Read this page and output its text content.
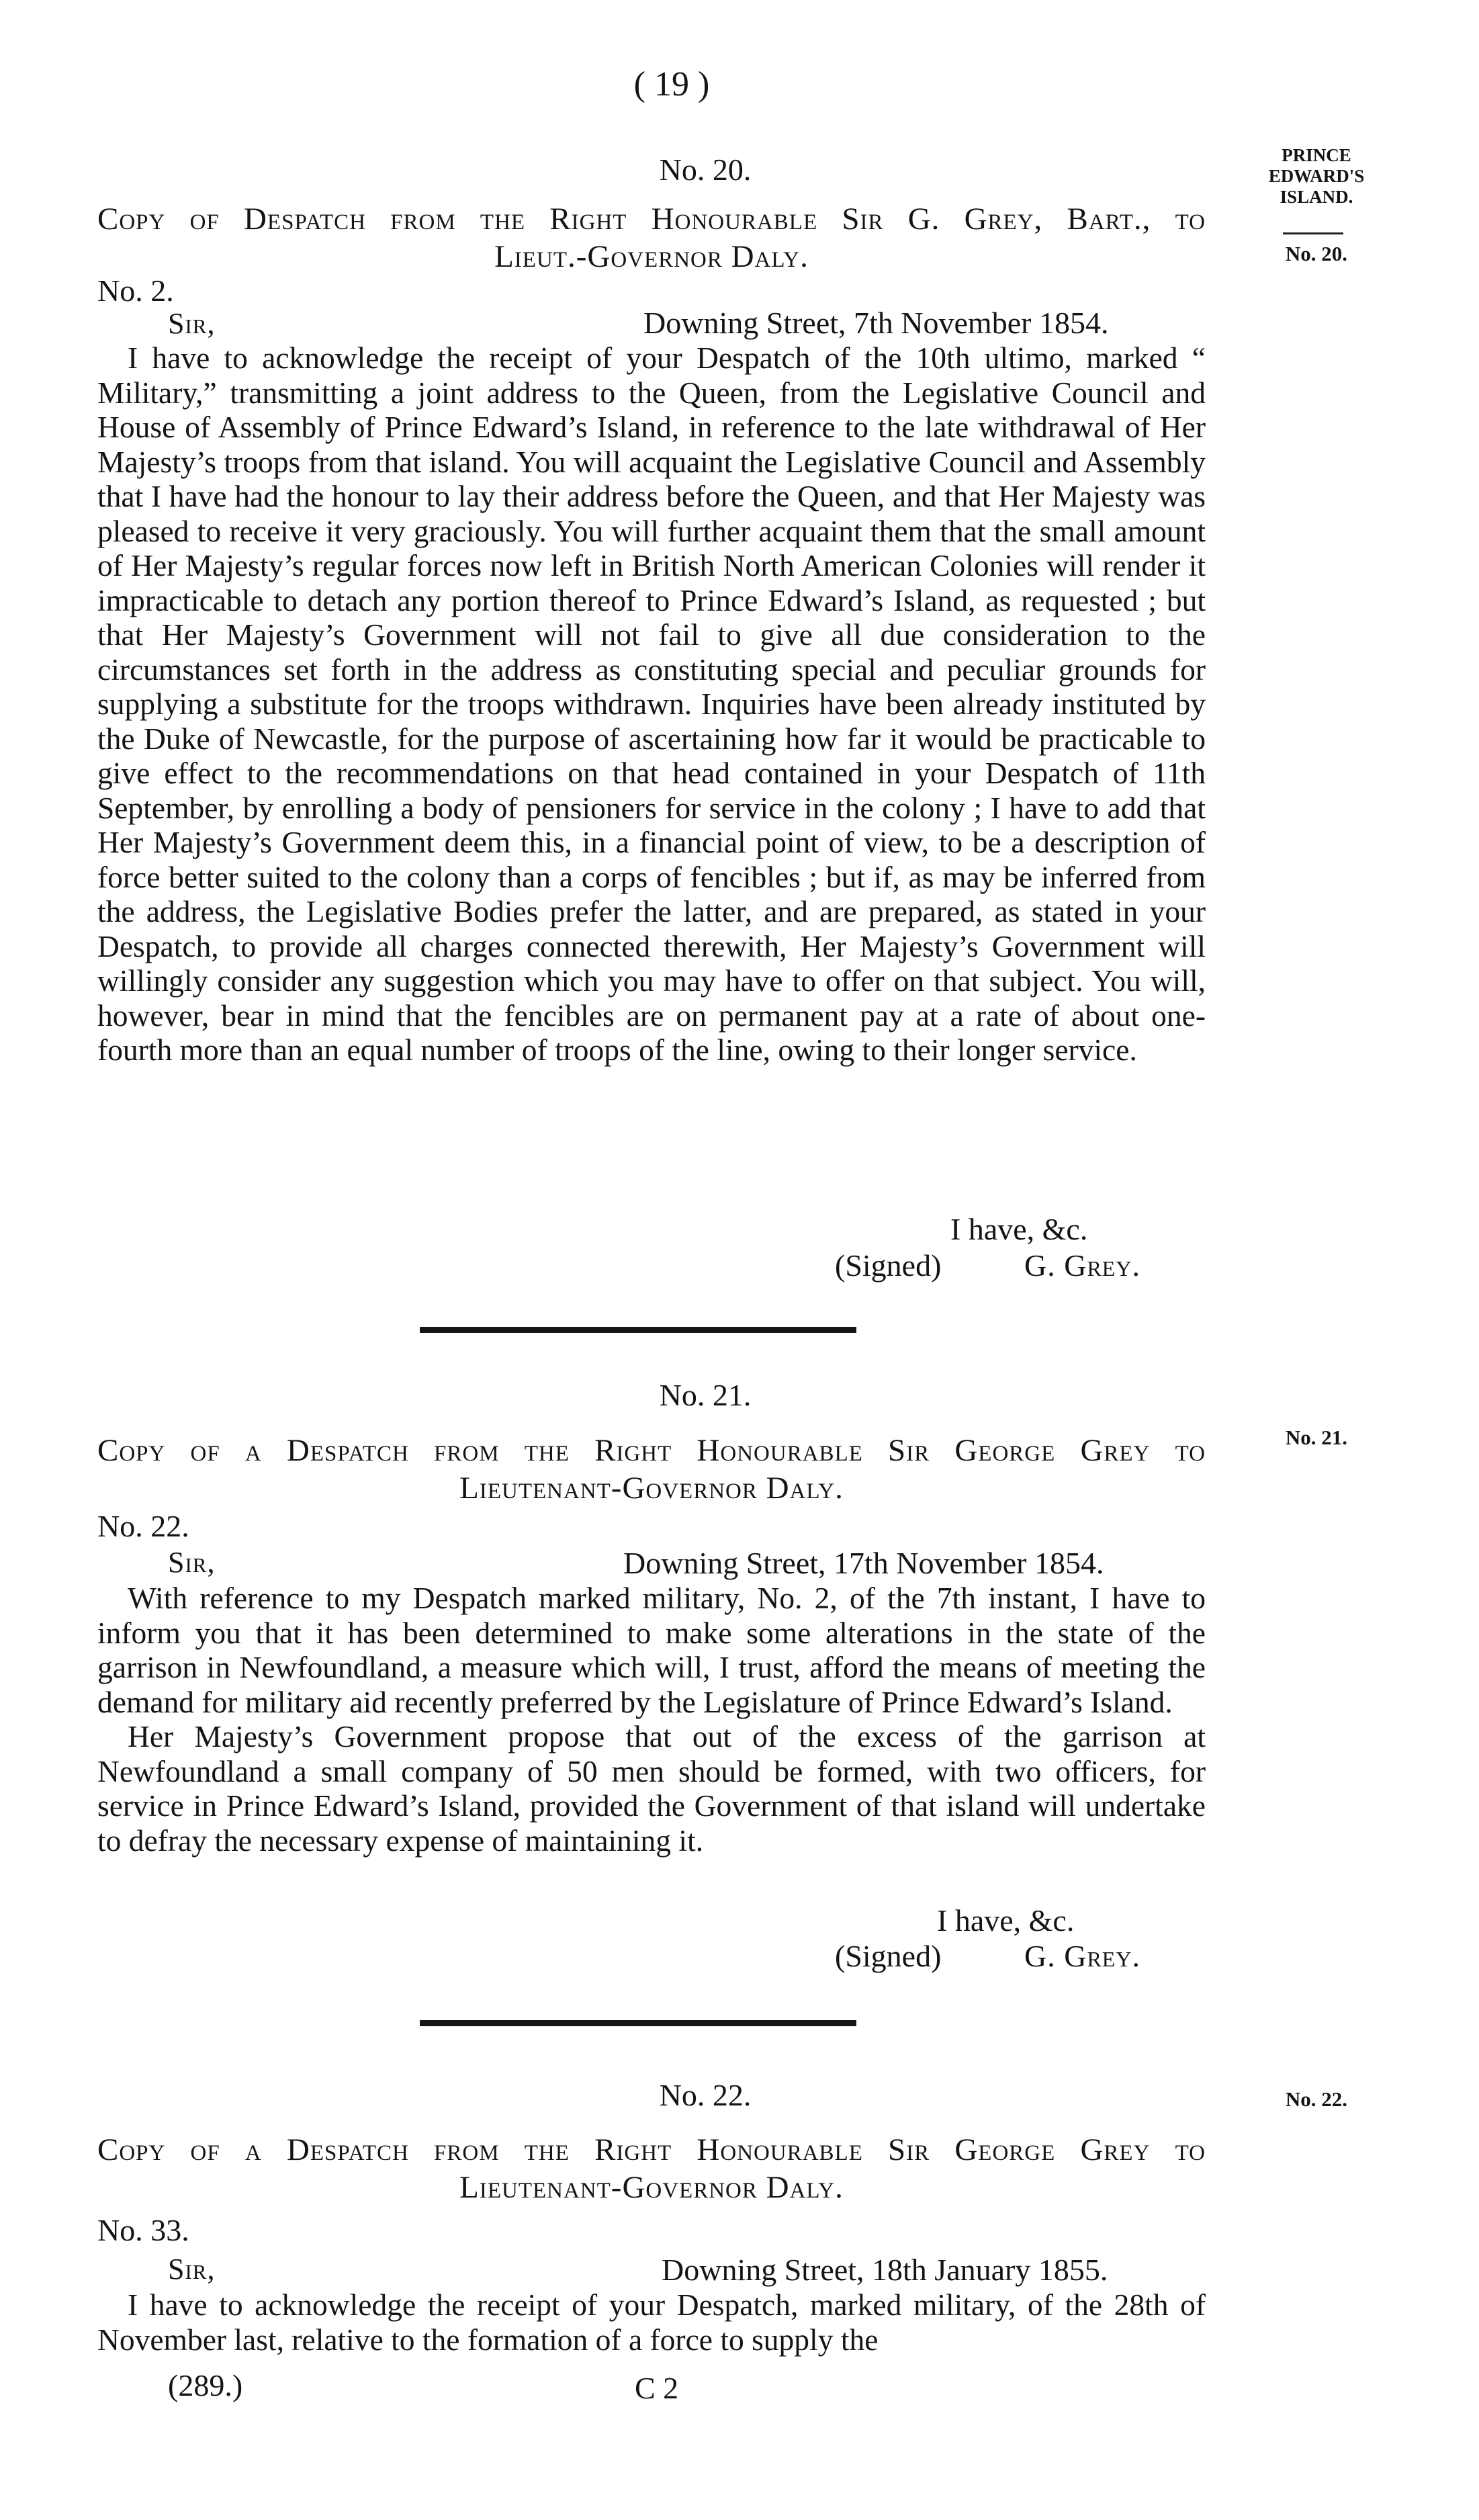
( 19 )
PRINCE EDWARD'S ISLAND.
No. 20.
No. 20.
Copy of Despatch from the Right Honourable Sir G. Grey, Bart., to
Lieut.-Governor Daly.
No. 2.
Sir,	Downing Street, 7th November 1854.

I have to acknowledge the receipt of your Despatch of the 10th ultimo, marked “ Military,” transmitting a joint address to the Queen, from the Legislative Council and House of Assembly of Prince Edward’s Island, in reference to the late withdrawal of Her Majesty’s troops from that island. You will acquaint the Legislative Council and Assembly that I have had the honour to lay their address before the Queen, and that Her Majesty was pleased to receive it very graciously. You will further acquaint them that the small amount of Her Majesty’s regular forces now left in British North American Colonies will render it impracticable to detach any portion thereof to Prince Edward’s Island, as requested ; but that Her Majesty’s Government will not fail to give all due consideration to the circumstances set forth in the address as constituting special and peculiar grounds for supplying a substitute for the troops withdrawn. Inquiries have been already instituted by the Duke of Newcastle, for the purpose of ascertaining how far it would be practicable to give effect to the recommendations on that head contained in your Despatch of 11th September, by enrolling a body of pensioners for service in the colony ; I have to add that Her Majesty’s Government deem this, in a financial point of view, to be a description of force better suited to the colony than a corps of fencibles ; but if, as may be inferred from the address, the Legislative Bodies prefer the latter, and are prepared, as stated in your Despatch, to provide all charges connected therewith, Her Majesty’s Government will willingly consider any suggestion which you may have to offer on that subject. You will, however, bear in mind that the fencibles are on permanent pay at a rate of about one-fourth more than an equal number of troops of the line, owing to their longer service.

I have, &c.
(Signed)	G. Grey.
No. 21.
No. 21.
Copy of a Despatch from the Right Honourable Sir George Grey to
Lieutenant-Governor Daly.
No. 22.
Sir,	Downing Street, 17th November 1854.

With reference to my Despatch marked military, No. 2, of the 7th instant, I have to inform you that it has been determined to make some alterations in the state of the garrison in Newfoundland, a measure which will, I trust, afford the means of meeting the demand for military aid recently preferred by the Legislature of Prince Edward’s Island.

Her Majesty’s Government propose that out of the excess of the garrison at Newfoundland a small company of 50 men should be formed, with two officers, for service in Prince Edward’s Island, provided the Government of that island will undertake to defray the necessary expense of maintaining it.

I have, &c.
(Signed)	G. Grey.
No. 22.
No. 22.
Copy of a Despatch from the Right Honourable Sir George Grey to
Lieutenant-Governor Daly.
No. 33.
Sir,	Downing Street, 18th January 1855.

I have to acknowledge the receipt of your Despatch, marked military, of the 28th of November last, relative to the formation of a force to supply the

(289.)	C 2
